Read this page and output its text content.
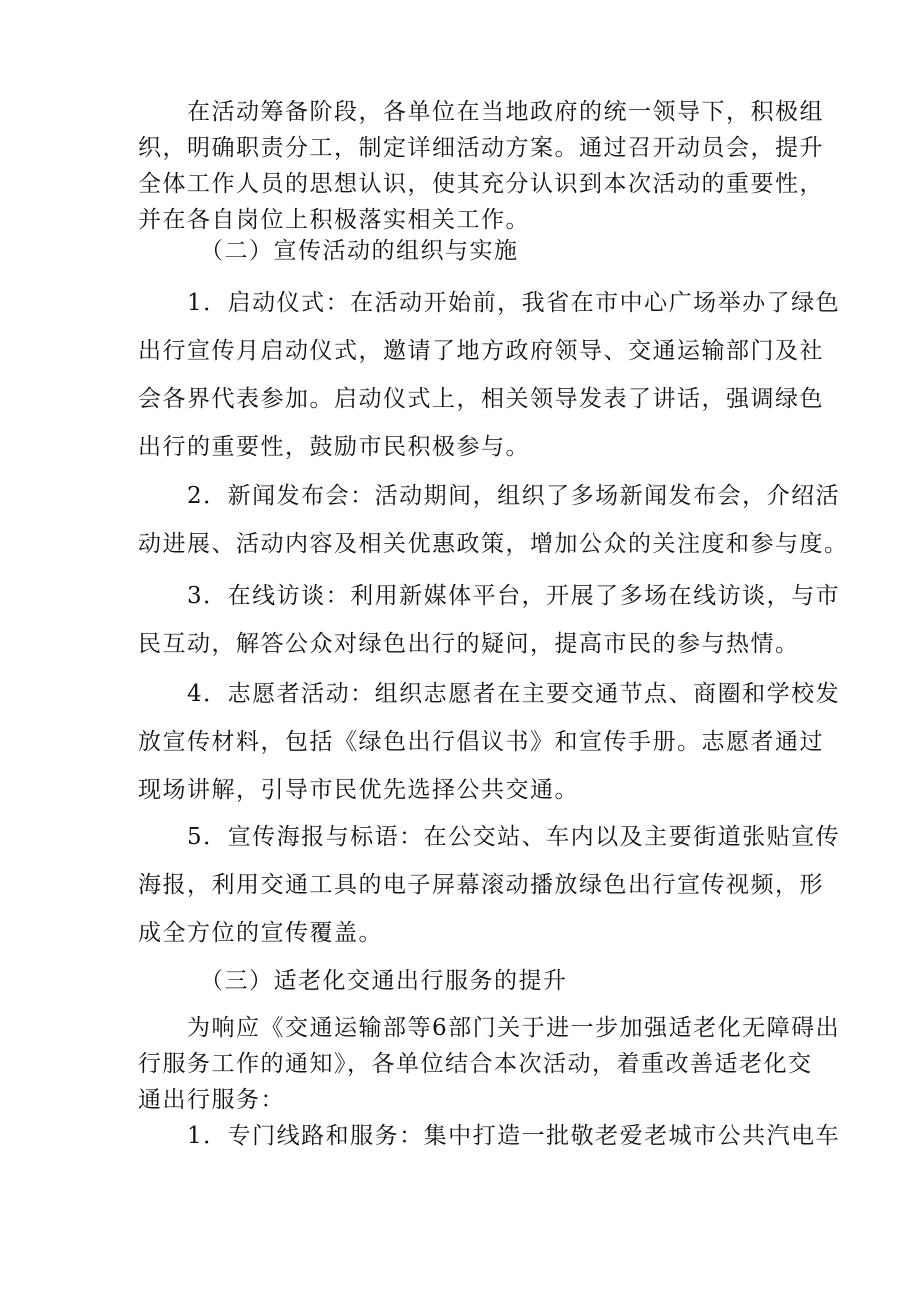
　　在活动筹备阶段，各单位在当地政府的统一领导下，积极组
织，明确职责分工，制定详细活动方案。通过召开动员会，提升
全体工作人员的思想认识，使其充分认识到本次活动的重要性，
并在各自岗位上积极落实相关工作。
　　　（二）宣传活动的组织与实施
　　1．启动仪式：在活动开始前，我省在市中心广场举办了绿色
出行宣传月启动仪式，邀请了地方政府领导、交通运输部门及社
会各界代表参加。启动仪式上，相关领导发表了讲话，强调绿色
出行的重要性，鼓励市民积极参与。
　　2．新闻发布会：活动期间，组织了多场新闻发布会，介绍活
动进展、活动内容及相关优惠政策，增加公众的关注度和参与度。
　　3．在线访谈：利用新媒体平台，开展了多场在线访谈，与市
民互动，解答公众对绿色出行的疑问，提高市民的参与热情。
　　4．志愿者活动：组织志愿者在主要交通节点、商圈和学校发
放宣传材料，包括《绿色出行倡议书》和宣传手册。志愿者通过
现场讲解，引导市民优先选择公共交通。
　　5．宣传海报与标语：在公交站、车内以及主要街道张贴宣传
海报，利用交通工具的电子屏幕滚动播放绿色出行宣传视频，形
成全方位的宣传覆盖。
　　　（三）适老化交通出行服务的提升
　　为响应《交通运输部等6部门关于进一步加强适老化无障碍出
行服务工作的通知》，各单位结合本次活动，着重改善适老化交
通出行服务：
　　1．专门线路和服务：集中打造一批敬老爱老城市公共汽电车
